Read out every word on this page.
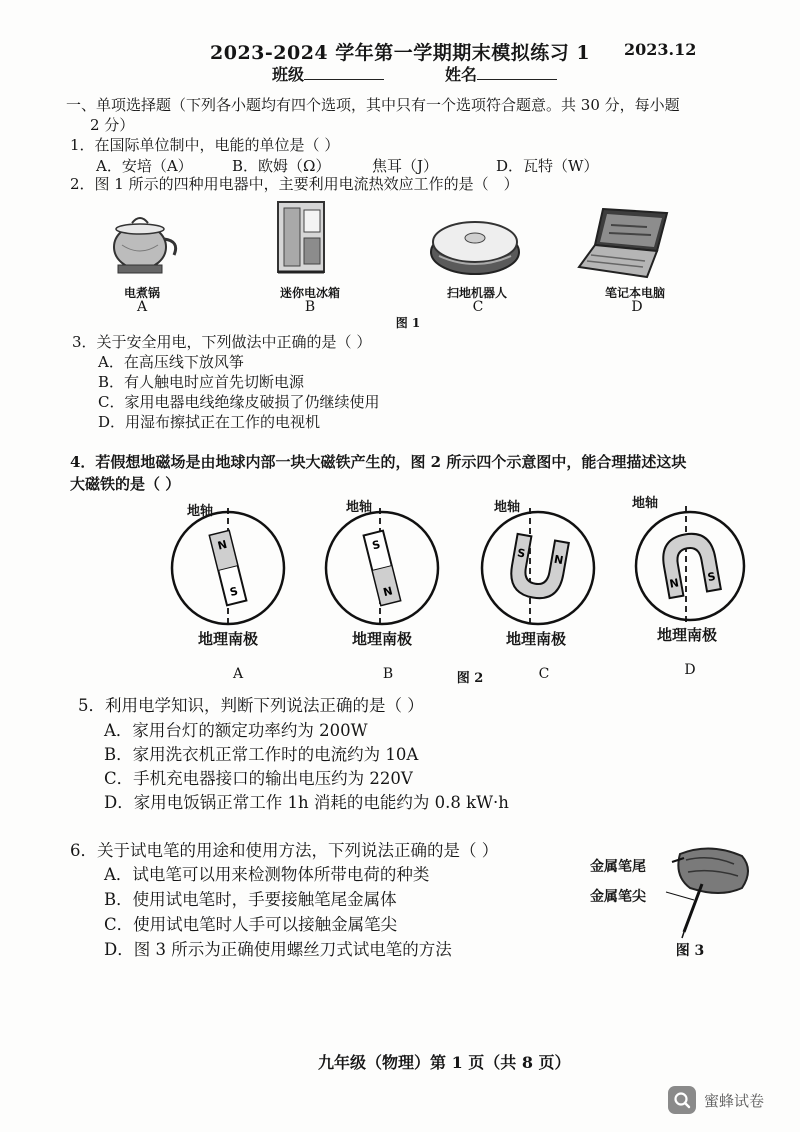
2023-2024 学年第一学期期末模拟练习 1 2023.12
班级	姓名
一、单项选择题（下列各小题均有四个选项，其中只有一个选项符合题意。共 30 分，每小题
2 分）
1．在国际单位制中，电能的单位是（ ）
A．安培（A）	B．欧姆（Ω）	焦耳（J）	D．瓦特（W）
2．图 1 所示的四种用电器中，主要利用电流热效应工作的是（　）
电煮锅	迷你电冰箱	扫地机器人	笔记本电脑
A	B	C	D
图 1
3．关于安全用电，下列做法中正确的是（ ）
A．在高压线下放风筝
B．有人触电时应首先切断电源
C．家用电器电线绝缘皮破损了仍继续使用
D．用湿布擦拭正在工作的电视机
4．若假想地磁场是由地球内部一块大磁铁产生的，图 2 所示四个示意图中，能合理描述这块
大磁铁的是（ ）
N
S
S
N
S N
N S
地轴	地轴	地轴	地轴
地理南极	地理南极	地理南极	地理南极
A	B	图 2	C	D
5．利用电学知识，判断下列说法正确的是（ ）
A．家用台灯的额定功率约为 200W
B．家用洗衣机正常工作时的电流约为 10A
C．手机充电器接口的输出电压约为 220V
D．家用电饭锅正常工作 1h 消耗的电能约为 0.8 kW·h
6．关于试电笔的用途和使用方法，下列说法正确的是（ ）
A．试电笔可以用来检测物体所带电荷的种类
B．使用试电笔时，手要接触笔尾金属体
C．使用试电笔时人手可以接触金属笔尖
D．图 3 所示为正确使用螺丝刀式试电笔的方法
金属笔尾
金属笔尖
图 3
九年级（物理）第 1 页（共 8 页）
蜜蜂试卷
